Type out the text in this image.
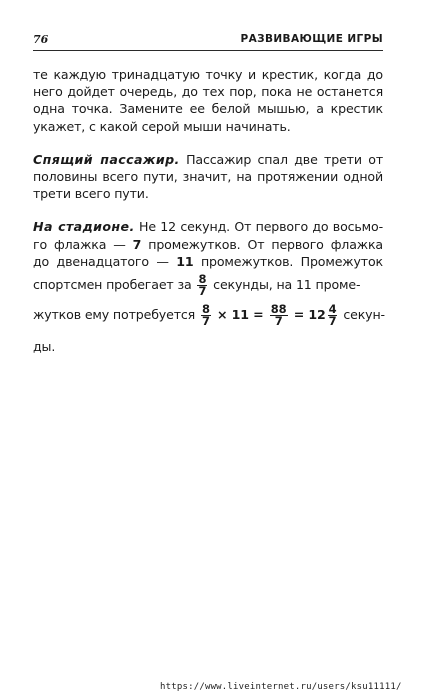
76	РАЗВИВАЮЩИЕ ИГРЫ
те каждую тринадцатую точку и крестик, когда до
него дойдет очередь, до тех пор, пока не останется
одна точка. Замените ее белой мышью, а крестик
укажет, с какой серой мыши начинать.
Спящий пассажир. Пассажир спал две трети от
половины всего пути, значит, на протяжении одной
трети всего пути.
На стадионе. Не 12 секунд. От первого до восьмо-
го флажка — 7 промежутков. От первого флажка
до двенадцатого — 11 промежутков. Промежуток
спортсмен пробегает за $\frac{8}{7}$ секунды, на 11 проме-
жутков ему потребуется $\frac{8}{7} \times 11 = \frac{88}{7} = 12 \frac{4}{7}$ секун-
ды.
https://www.liveinternet.ru/users/ksu11111/
